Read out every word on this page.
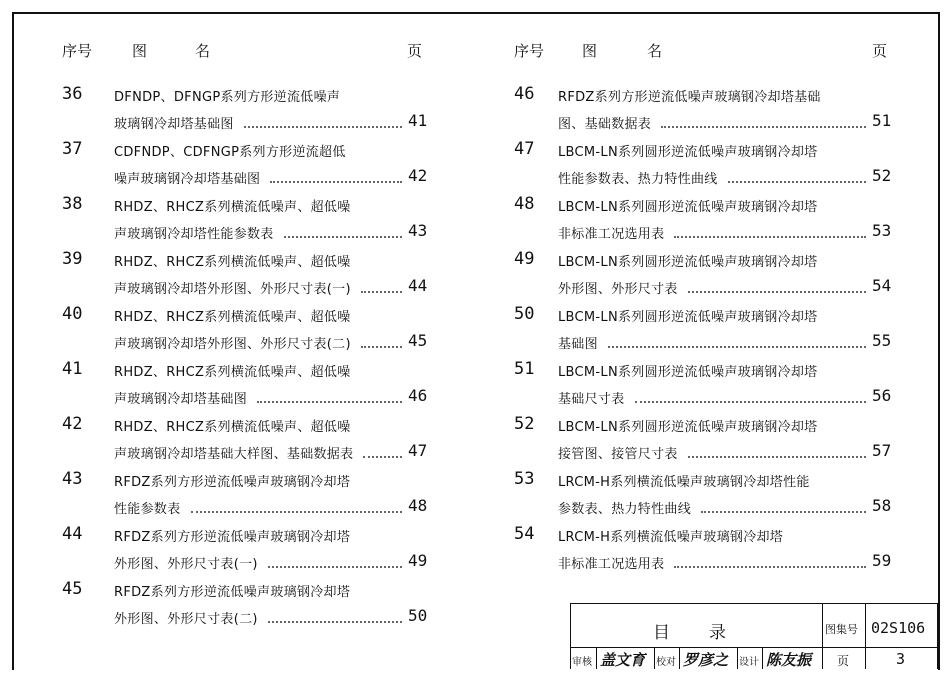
序号	图	名	页	序号	图	名	页
36 DFNDP、DFNGP系列方形逆流低噪声
玻璃钢冷却塔基础图	41
37 CDFNDP、CDFNGP系列方形逆流超低
噪声玻璃钢冷却塔基础图	42
38 RHDZ、RHCZ系列横流低噪声、超低噪
声玻璃钢冷却塔性能参数表	43
39 RHDZ、RHCZ系列横流低噪声、超低噪
声玻璃钢冷却塔外形图、外形尺寸表(一)	44
40 RHDZ、RHCZ系列横流低噪声、超低噪
声玻璃钢冷却塔外形图、外形尺寸表(二)	45
41 RHDZ、RHCZ系列横流低噪声、超低噪
声玻璃钢冷却塔基础图	46
42 RHDZ、RHCZ系列横流低噪声、超低噪
声玻璃钢冷却塔基础大样图、基础数据表	47
43 RFDZ系列方形逆流低噪声玻璃钢冷却塔
性能参数表	48
44 RFDZ系列方形逆流低噪声玻璃钢冷却塔
外形图、外形尺寸表(一)	49
45 RFDZ系列方形逆流低噪声玻璃钢冷却塔
外形图、外形尺寸表(二)	50
46 RFDZ系列方形逆流低噪声玻璃钢冷却塔基础
图、基础数据表	51
47 LBCM-LN系列圆形逆流低噪声玻璃钢冷却塔
性能参数表、热力特性曲线	52
48 LBCM-LN系列圆形逆流低噪声玻璃钢冷却塔
非标准工况选用表	53
49 LBCM-LN系列圆形逆流低噪声玻璃钢冷却塔
外形图、外形尺寸表	54
50 LBCM-LN系列圆形逆流低噪声玻璃钢冷却塔
基础图	55
51 LBCM-LN系列圆形逆流低噪声玻璃钢冷却塔
基础尺寸表	56
52 LBCM-LN系列圆形逆流低噪声玻璃钢冷却塔
接管图、接管尺寸表	57
53 LRCM-H系列横流低噪声玻璃钢冷却塔性能
参数表、热力特性曲线	58
54 LRCM-H系列横流低噪声玻璃钢冷却塔
非标准工况选用表	59
目 录	图集号 02S106
审核 盖文育 校对 罗彦之 设计 陈友振 页	3
